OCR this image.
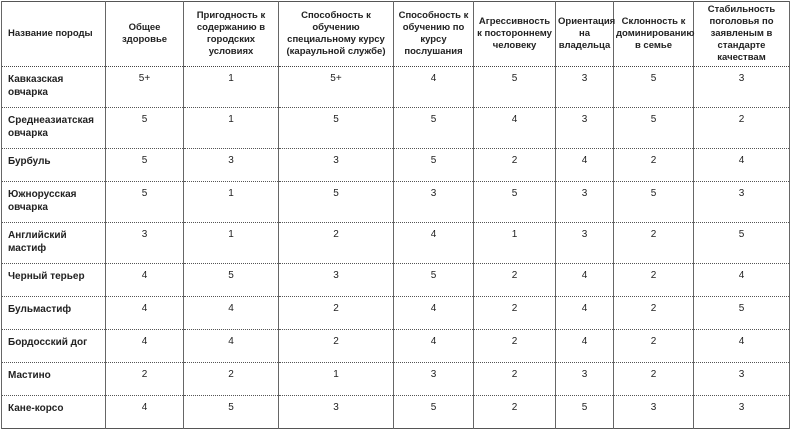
Название породы	Общее здоровье	Пригодность к содержанию в городских условиях	Способность к обучению специальному курсу (караульной службе)	Способность к обучению по курсу послушания	Агрессивность к постороннему человеку	Ориентация на владельца	Склонность к доминированию в семье	Стабильность поголовья по заявленым в стандарте качествам
Кавказская овчарка	5+	1	5+	4	5	3	5	3
Среднеазиатская овчарка	5	1	5	5	4	3	5	2
Бурбуль	5	3	3	5	2	4	2	4
Южнорусская овчарка	5	1	5	3	5	3	5	3
Английский мастиф	3	1	2	4	1	3	2	5
Черный терьер	4	5	3	5	2	4	2	4
Бульмастиф	4	4	2	4	2	4	2	5
Бордосский дог	4	4	2	4	2	4	2	4
Мастино	2	2	1	3	2	3	2	3
Кане-корсо	4	5	3	5	2	5	3	3
